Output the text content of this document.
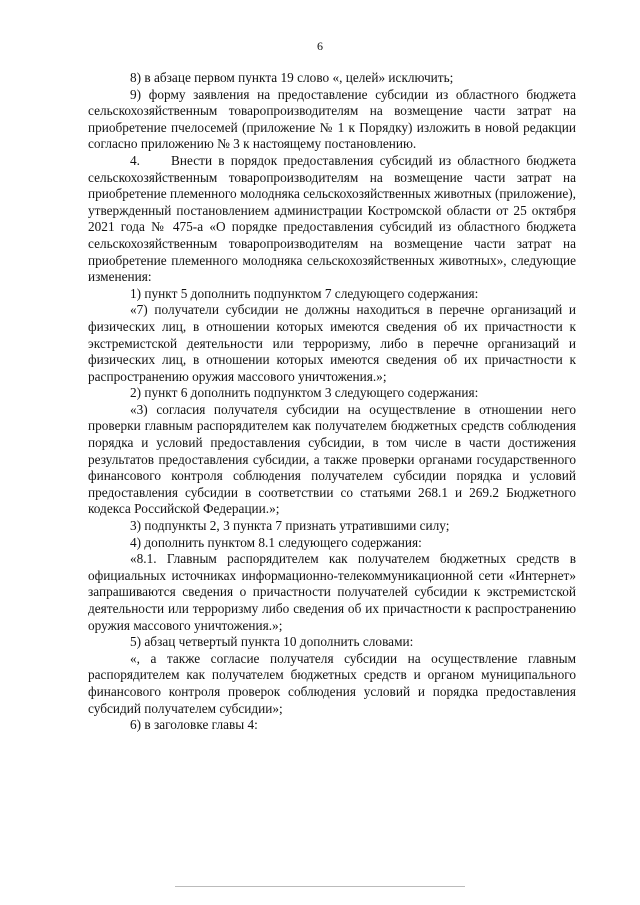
6

8) в абзаце первом пункта 19 слово «, целей» исключить;

9) форму заявления на предоставление субсидии из областного бюджета сельскохозяйственным товаропроизводителям на возмещение части затрат на приобретение пчелосемей (приложение № 1 к Порядку) изложить в новой редакции согласно приложению № 3 к настоящему постановлению.

4.     Внести в порядок предоставления субсидий из областного бюджета сельскохозяйственным товаропроизводителям на возмещение части затрат на приобретение племенного молодняка сельскохозяйственных животных (приложение), утвержденный постановлением администрации Костромской области от 25 октября 2021 года № 475-а «О порядке предоставления субсидий из областного бюджета сельскохозяйственным товаропроизводителям на возмещение части затрат на приобретение племенного молодняка сельскохозяйственных животных», следующие изменения:

1) пункт 5 дополнить подпунктом 7 следующего содержания:

«7) получатели субсидии не должны находиться в перечне организаций и физических лиц, в отношении которых имеются сведения об их причастности к экстремистской деятельности или терроризму, либо в перечне организаций и физических лиц, в отношении которых имеются сведения об их причастности к распространению оружия массового уничтожения.»;

2) пункт 6 дополнить подпунктом 3 следующего содержания:

«3) согласия получателя субсидии на осуществление в отношении него проверки главным распорядителем как получателем бюджетных средств соблюдения порядка и условий предоставления субсидии, в том числе в части достижения результатов предоставления субсидии, а также проверки органами государственного финансового контроля соблюдения получателем субсидии порядка и условий предоставления субсидии в соответствии со статьями 268.1 и 269.2 Бюджетного кодекса Российской Федерации.»;

3) подпункты 2, 3 пункта 7 признать утратившими силу;

4) дополнить пунктом 8.1 следующего содержания:

«8.1. Главным распорядителем как получателем бюджетных средств в официальных источниках информационно-телекоммуникационной сети «Интернет» запрашиваются сведения о причастности получателей субсидии к экстремистской деятельности или терроризму либо сведения об их причастности к распространению оружия массового уничтожения.»;

5) абзац четвертый пункта 10 дополнить словами:

«, а также согласие получателя субсидии на осуществление главным распорядителем как получателем бюджетных средств и органом муниципального финансового контроля проверок соблюдения условий и порядка предоставления субсидий получателем субсидии»;

6) в заголовке главы 4:
